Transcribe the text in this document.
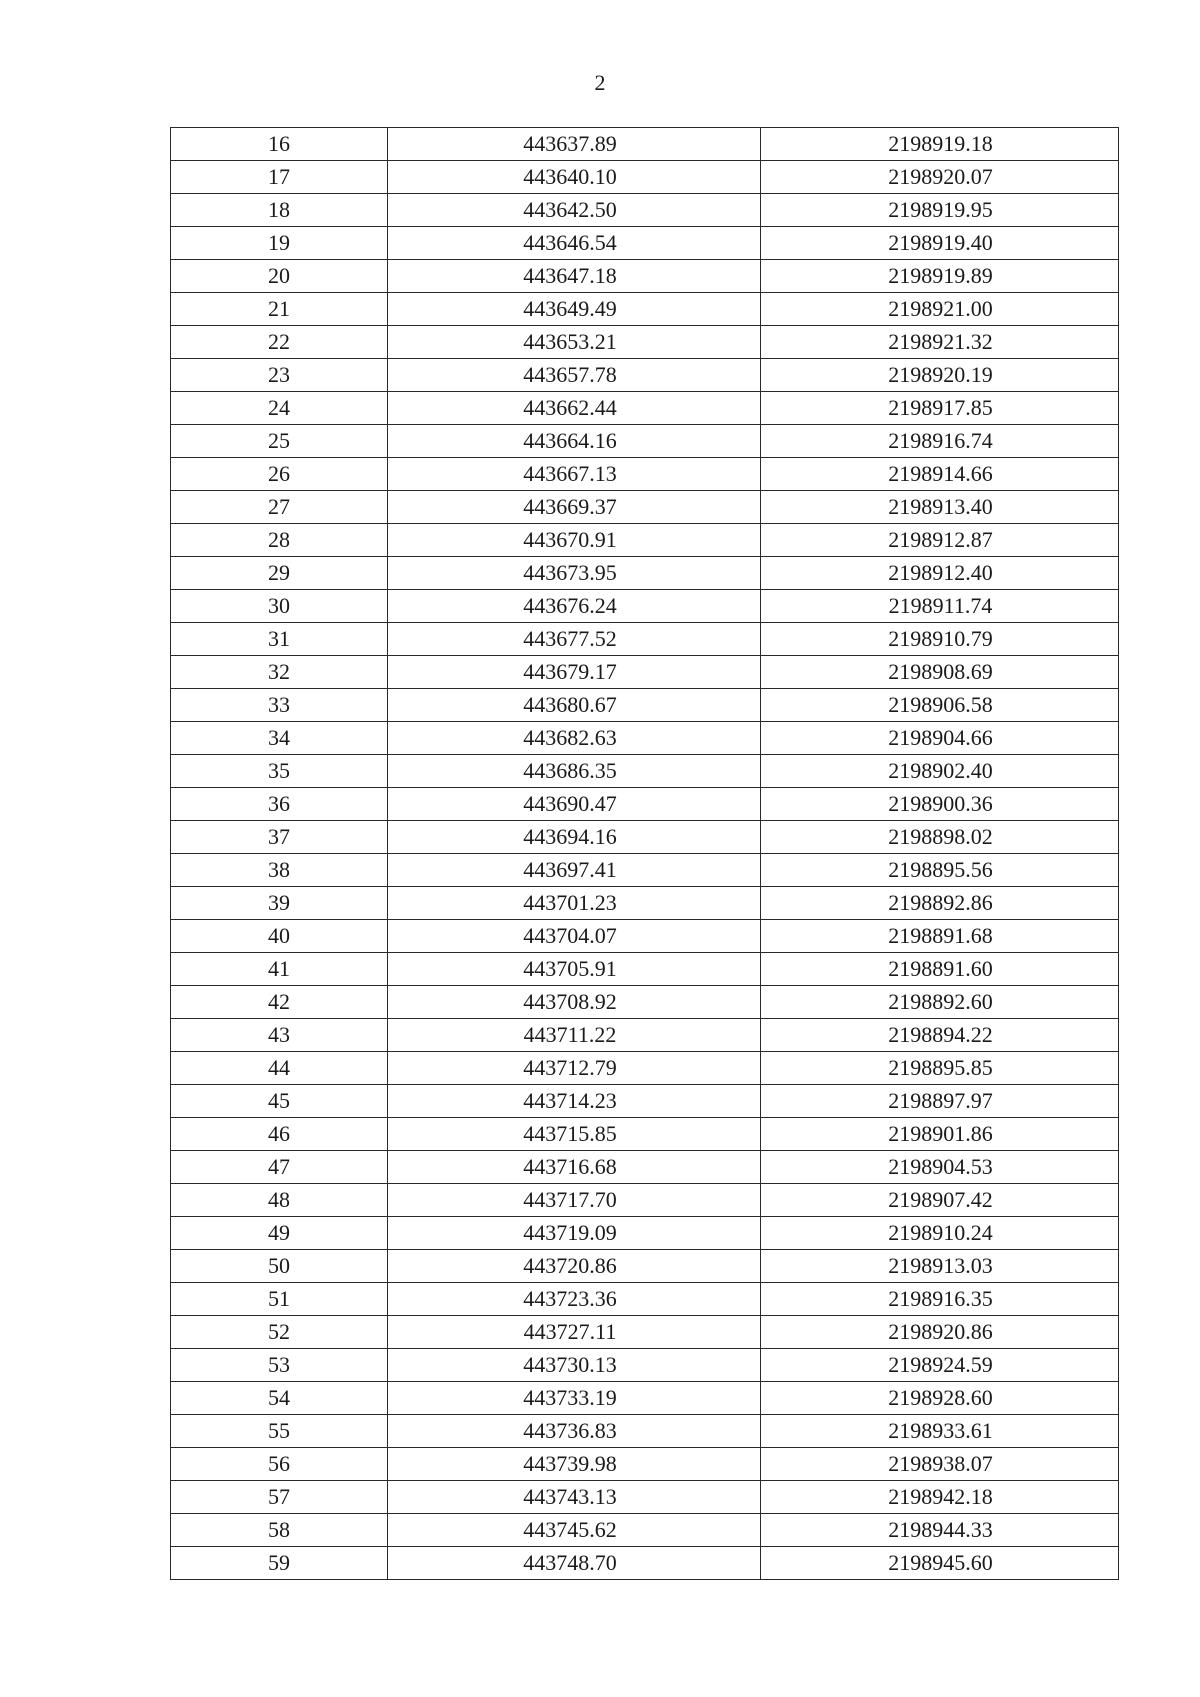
2
16	443637.89	2198919.18
17	443640.10	2198920.07
18	443642.50	2198919.95
19	443646.54	2198919.40
20	443647.18	2198919.89
21	443649.49	2198921.00
22	443653.21	2198921.32
23	443657.78	2198920.19
24	443662.44	2198917.85
25	443664.16	2198916.74
26	443667.13	2198914.66
27	443669.37	2198913.40
28	443670.91	2198912.87
29	443673.95	2198912.40
30	443676.24	2198911.74
31	443677.52	2198910.79
32	443679.17	2198908.69
33	443680.67	2198906.58
34	443682.63	2198904.66
35	443686.35	2198902.40
36	443690.47	2198900.36
37	443694.16	2198898.02
38	443697.41	2198895.56
39	443701.23	2198892.86
40	443704.07	2198891.68
41	443705.91	2198891.60
42	443708.92	2198892.60
43	443711.22	2198894.22
44	443712.79	2198895.85
45	443714.23	2198897.97
46	443715.85	2198901.86
47	443716.68	2198904.53
48	443717.70	2198907.42
49	443719.09	2198910.24
50	443720.86	2198913.03
51	443723.36	2198916.35
52	443727.11	2198920.86
53	443730.13	2198924.59
54	443733.19	2198928.60
55	443736.83	2198933.61
56	443739.98	2198938.07
57	443743.13	2198942.18
58	443745.62	2198944.33
59	443748.70	2198945.60
